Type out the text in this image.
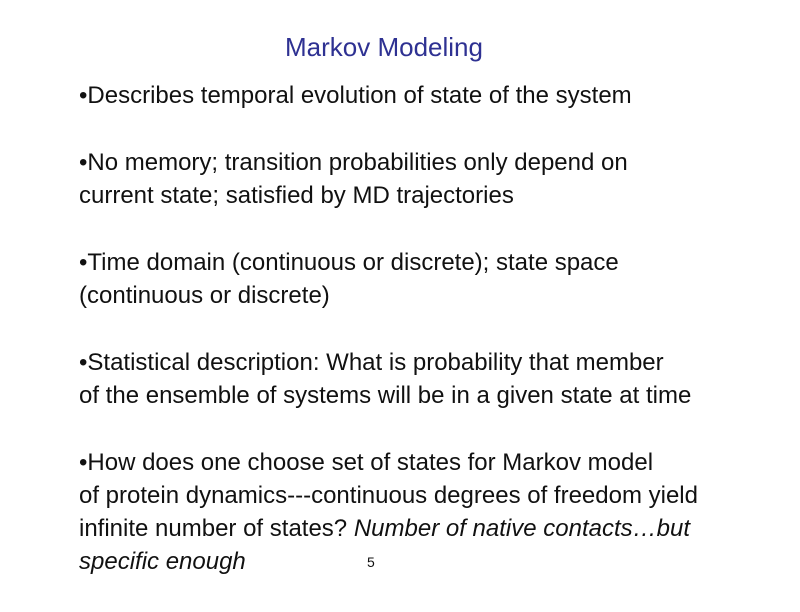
Markov Modeling
•Describes temporal evolution of state of the system
•No memory; transition probabilities only depend on
current state; satisfied by MD trajectories
•Time domain (continuous or discrete); state space
(continuous or discrete)
•Statistical description: What is probability that member
of the ensemble of systems will be in a given state at time
•How does one choose set of states for Markov model
of protein dynamics---continuous degrees of freedom yield
infinite number of states? Number of native contacts…but
specific enough	5
